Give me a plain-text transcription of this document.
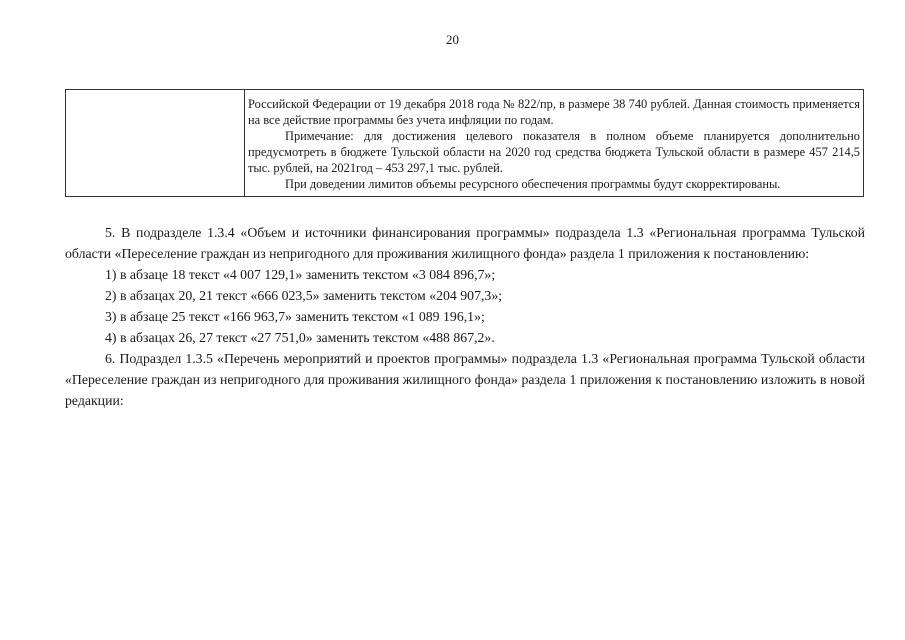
20

Российской Федерации от 19 декабря 2018 года № 822/пр, в размере 38 740 рублей. Данная стоимость применяется на все действие программы без учета инфляции по годам.

Примечание: для достижения целевого показателя в полном объеме планируется дополнительно предусмотреть в бюджете Тульской области на 2020 год средства бюджета Тульской области в размере 457 214,5 тыс. рублей, на 2021год – 453 297,1 тыс. рублей.

При доведении лимитов объемы ресурсного обеспечения программы будут скорректированы.

5. В подразделе 1.3.4 «Объем и источники финансирования программы» подраздела 1.3 «Региональная программа Тульской области «Переселение граждан из непригодного для проживания жилищного фонда» раздела 1 приложения к постановлению:

1) в абзаце 18 текст «4 007 129,1» заменить текстом «3 084 896,7»;

2) в абзацах 20, 21 текст «666 023,5» заменить текстом «204 907,3»;

3) в абзаце 25 текст «166 963,7» заменить текстом «1 089 196,1»;

4) в абзацах 26, 27 текст «27 751,0» заменить текстом «488 867,2».

6. Подраздел 1.3.5 «Перечень мероприятий и проектов программы» подраздела 1.3 «Региональная программа Тульской области «Переселение граждан из непригодного для проживания жилищного фонда» раздела 1 приложения к постановлению изложить в новой редакции:
